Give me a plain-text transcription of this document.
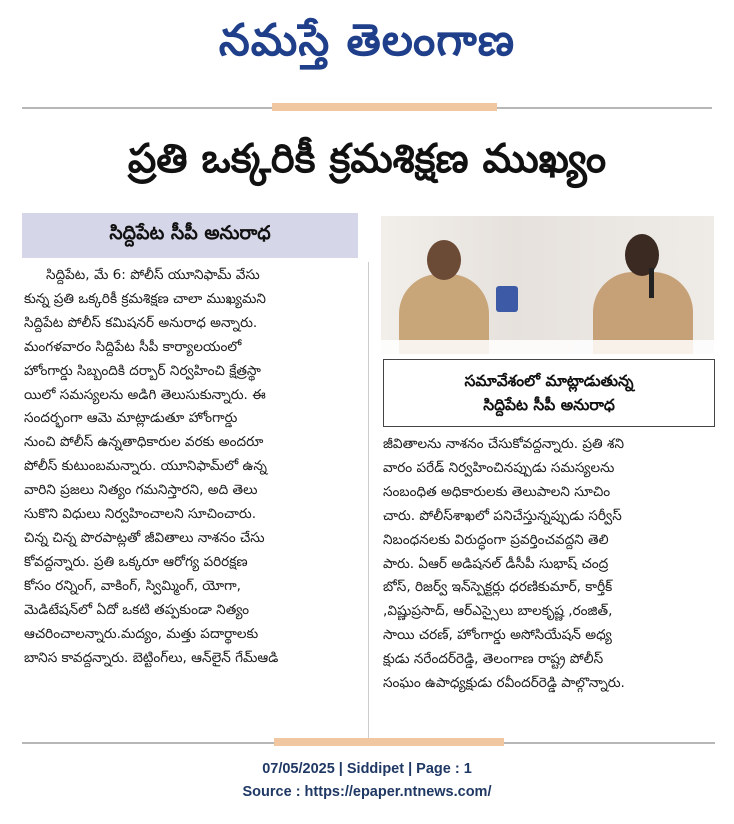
నమస్తే తెలంగాణ
ప్రతి ఒక్కరికీ క్రమశిక్షణ ముఖ్యం
సిద్దిపేట సీపీ అనురాధ
సిద్దిపేట, మే 6: పోలీస్ యూనిఫామ్ వేసు
కున్న ప్రతి ఒక్కరికీ క్రమశిక్షణ చాలా ముఖ్యమని
సిద్దిపేట పోలీస్ కమిషనర్ అనురాధ అన్నారు.
మంగళవారం సిద్దిపేట సీపీ కార్యాలయంలో
హోంగార్డు సిబ్బందికి దర్బార్ నిర్వహించి క్షేత్రస్థా
యిలో సమస్యలను అడిగి తెలుసుకున్నారు. ఈ
సందర్భంగా ఆమె మాట్లాడుతూ హోంగార్డు
నుంచి పోలీస్ ఉన్నతాధికారుల వరకు అందరూ
పోలీస్ కుటుంబమన్నారు. యూనిఫామ్‌లో ఉన్న
వారిని ప్రజలు నిత్యం గమనిస్తారని, అది తెలు
సుకొని విధులు నిర్వహించాలని సూచించారు.
చిన్న చిన్న పొరపాట్లతో జీవితాలు నాశనం చేసు
కోవద్దన్నారు. ప్రతి ఒక్కరూ ఆరోగ్య పరిరక్షణ
కోసం రన్నింగ్, వాకింగ్, స్విమ్మింగ్, యోగా,
మెడిటేషన్‌లో ఏదో ఒకటి తప్పకుండా నిత్యం
ఆచరించాలన్నారు.మద్యం, మత్తు పదార్థాలకు
బానిస కావద్దన్నారు. బెట్టింగ్‌లు, ఆన్‌లైన్ గేమ్‌ఆడి
సమావేశంలో మాట్లాడుతున్న
సిద్దిపేట సీపీ అనురాధ
జీవితాలను నాశనం చేసుకోవద్దన్నారు. ప్రతి శని
వారం పరేడ్ నిర్వహించినప్పుడు సమస్యలను
సంబంధిత అధికారులకు తెలుపాలని సూచిం
చారు. పోలీస్‌శాఖలో పనిచేస్తున్నప్పుడు సర్వీస్
నిబంధనలకు విరుద్ధంగా ప్రవర్తించవద్దని తెలి
పారు. ఏఆర్ అడిషనల్ డీసీపీ సుభాష్ చంద్ర
బోస్, రిజర్వ్ ఇన్‌స్పెక్టర్లు ధరణికుమార్, కార్తీక్
,విష్ణుప్రసాద్, ఆర్‌ఎస్సైలు బాలకృష్ణ ,రంజిత్,
సాయి చరణ్, హోంగార్డు అసోసియేషన్ అధ్య
క్షుడు నరేందర్‌రెడ్డి, తెలంగాణ రాష్ట్ర పోలీస్
సంఘం ఉపాధ్యక్షుడు రవీందర్‌రెడ్డి పాల్గొన్నారు.
07/05/2025 | Siddipet | Page : 1
Source : https://epaper.ntnews.com/
